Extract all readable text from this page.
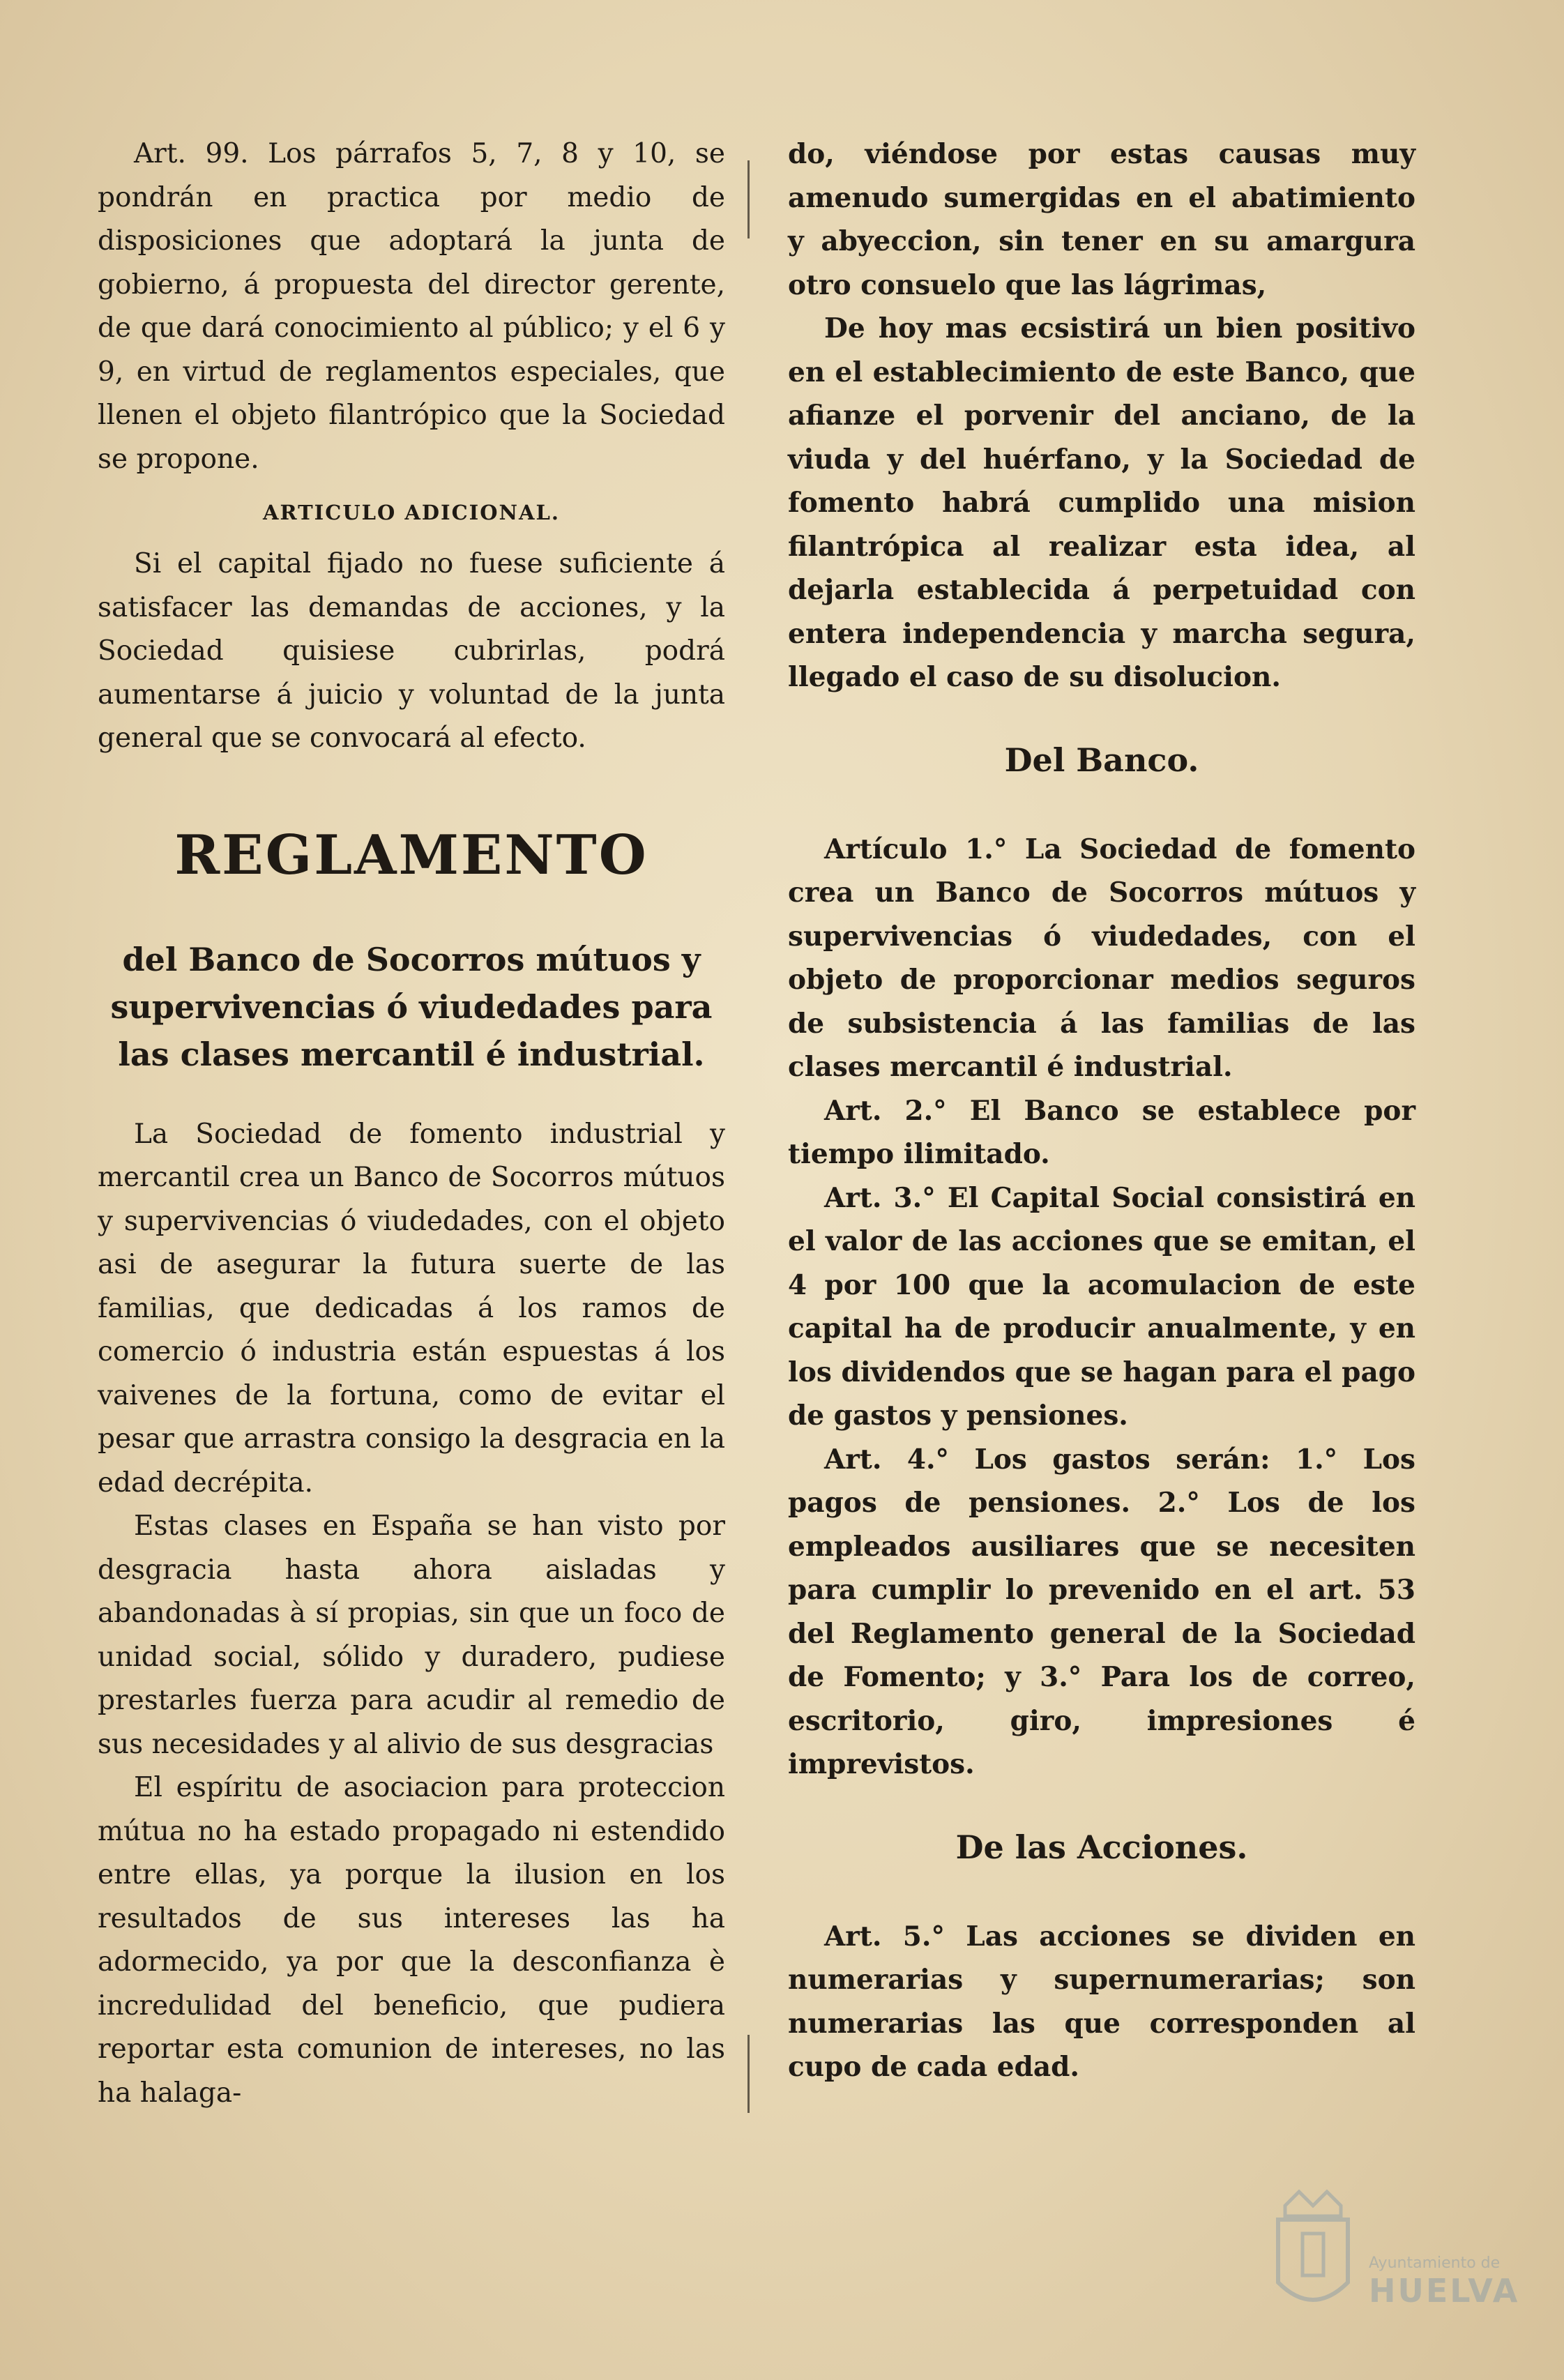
Art. 99. Los párrafos 5, 7, 8 y 10, se pondrán en practica por medio de disposiciones que adoptará la junta de gobierno, á propuesta del director gerente, de que dará conocimiento al público; y el 6 y 9, en virtud de reglamentos especiales, que llenen el objeto filantrópico que la Sociedad se propone.

ARTICULO ADICIONAL.

Si el capital fijado no fuese suficiente á satisfacer las demandas de acciones, y la Sociedad quisiese cubrirlas, podrá aumentarse á juicio y voluntad de la junta general que se convocará al efecto.

REGLAMENTO
del Banco de Socorros mútuos y supervivencias ó viudedades para las clases mercantil é industrial.

La Sociedad de fomento industrial y mercantil crea un Banco de Socorros mútuos y supervivencias ó viudedades, con el objeto asi de asegurar la futura suerte de las familias, que dedicadas á los ramos de comercio ó industria están espuestas á los vaivenes de la fortuna, como de evitar el pesar que arrastra consigo la desgracia en la edad decrépita.

Estas clases en España se han visto por desgracia hasta ahora aisladas y abandonadas à sí propias, sin que un foco de unidad social, sólido y duradero, pudiese prestarles fuerza para acudir al remedio de sus necesidades y al alivio de sus desgracias

El espíritu de asociacion para proteccion mútua no ha estado propagado ni estendido entre ellas, ya porque la ilusion en los resultados de sus intereses las ha adormecido, ya por que la desconfianza è incredulidad del beneficio, que pudiera reportar esta comunion de intereses, no las ha halaga-

do, viéndose por estas causas muy amenudo sumergidas en el abatimiento y abyeccion, sin tener en su amargura otro consuelo que las lágrimas,

De hoy mas ecsistirá un bien positivo en el establecimiento de este Banco, que afianze el porvenir del anciano, de la viuda y del huérfano, y la Sociedad de fomento habrá cumplido una mision filantrópica al realizar esta idea, al dejarla establecida á perpetuidad con entera independencia y marcha segura, llegado el caso de su disolucion.

Del Banco.

Artículo 1.° La Sociedad de fomento crea un Banco de Socorros mútuos y supervivencias ó viudedades, con el objeto de proporcionar medios seguros de subsistencia á las familias de las clases mercantil é industrial.

Art. 2.° El Banco se establece por tiempo ilimitado.

Art. 3.° El Capital Social consistirá en el valor de las acciones que se emitan, el 4 por 100 que la acomulacion de este capital ha de producir anualmente, y en los dividendos que se hagan para el pago de gastos y pensiones.

Art. 4.° Los gastos serán: 1.° Los pagos de pensiones. 2.° Los de los empleados ausiliares que se necesiten para cumplir lo prevenido en el art. 53 del Reglamento general de la Sociedad de Fomento; y 3.° Para los de correo, escritorio, giro, impresiones é imprevistos.

De las Acciones.

Art. 5.° Las acciones se dividen en numerarias y supernumerarias; son numerarias las que corresponden al cupo de cada edad.

Ayuntamiento de
HUELVA
